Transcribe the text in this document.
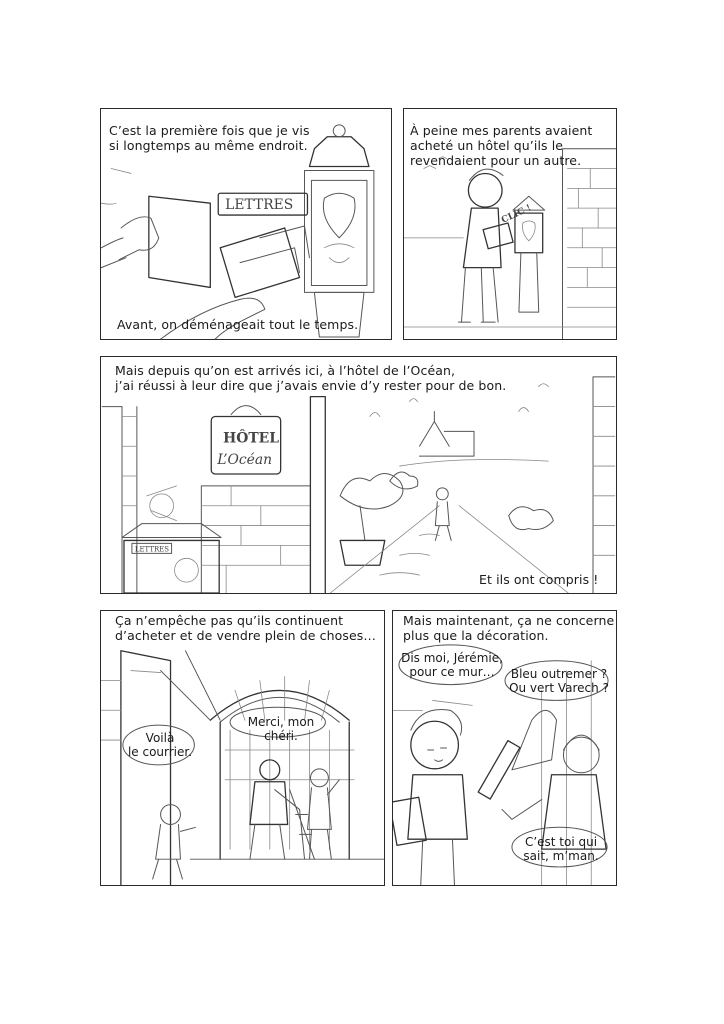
LETTRES
C’est la première fois que je vis
si longtemps au même endroit.
Avant, on déménageait tout le temps.
CLIC !
À peine mes parents avaient
acheté un hôtel qu’ils le
revendaient pour un autre.
HÔTEL
L’Océan
LETTRES
Mais depuis qu’on est arrivés ici, à l’hôtel de l’Océan,
j’ai réussi à leur dire que j’avais envie d’y rester pour de bon.
Et ils ont compris !
Ça n’empêche pas qu’ils continuent
d’acheter et de vendre plein de choses…
Voilà
le courrier.
Merci, mon chéri.
Mais maintenant, ça ne concerne
plus que la décoration.
Dis moi, Jérémie,
pour ce mur…	Bleu outremer ?
Ou vert Varech ?
C’est toi qui
sait, m’man.
